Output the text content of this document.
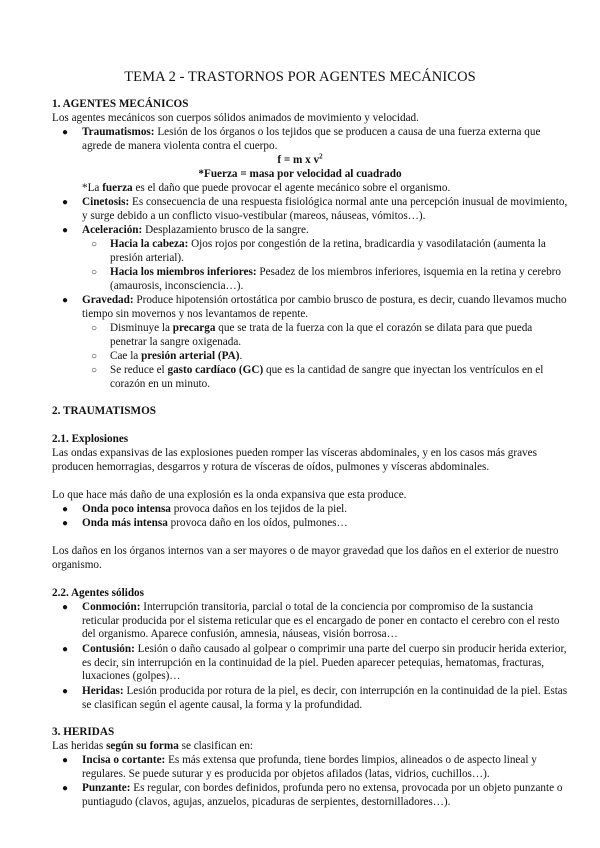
TEMA 2 - TRASTORNOS POR AGENTES MECÁNICOS
1. AGENTES MECÁNICOS
Los agentes mecánicos son cuerpos sólidos animados de movimiento y velocidad.
● Traumatismos: Lesión de los órganos o los tejidos que se producen a causa de una fuerza externa que agrede de manera violenta contra el cuerpo.
f = m x $v^2$
*Fuerza = masa por velocidad al cuadrado
*La fuerza es el daño que puede provocar el agente mecánico sobre el organismo.
● Cinetosis: Es consecuencia de una respuesta fisiológica normal ante una percepción inusual de movimiento, y surge debido a un conflicto visuo-vestibular (mareos, náuseas, vómitos…).
● Aceleración: Desplazamiento brusco de la sangre.
○ Hacia la cabeza: Ojos rojos por congestión de la retina, bradicardia y vasodilatación (aumenta la presión arterial).
○ Hacia los miembros inferiores: Pesadez de los miembros inferiores, isquemia en la retina y cerebro (amaurosis, inconsciencia…).
● Gravedad: Produce hipotensión ortostática por cambio brusco de postura, es decir, cuando llevamos mucho tiempo sin movernos y nos levantamos de repente.
○ Disminuye la precarga que se trata de la fuerza con la que el corazón se dilata para que pueda penetrar la sangre oxigenada.
○ Cae la presión arterial (PA).
○ Se reduce el gasto cardíaco (GC) que es la cantidad de sangre que inyectan los ventrículos en el corazón en un minuto.
2. TRAUMATISMOS
2.1. Explosiones
Las ondas expansivas de las explosiones pueden romper las vísceras abdominales, y en los casos más graves producen hemorragias, desgarros y rotura de vísceras de oídos, pulmones y vísceras abdominales.
Lo que hace más daño de una explosión es la onda expansiva que esta produce.
● Onda poco intensa provoca daños en los tejidos de la piel.
● Onda más intensa provoca daño en los oídos, pulmones…
Los daños en los órganos internos van a ser mayores o de mayor gravedad que los daños en el exterior de nuestro organismo.
2.2. Agentes sólidos
● Conmoción: Interrupción transitoria, parcial o total de la conciencia por compromiso de la sustancia reticular producida por el sistema reticular que es el encargado de poner en contacto el cerebro con el resto del organismo. Aparece confusión, amnesia, náuseas, visión borrosa…
● Contusión: Lesión o daño causado al golpear o comprimir una parte del cuerpo sin producir herida exterior, es decir, sin interrupción en la continuidad de la piel. Pueden aparecer petequias, hematomas, fracturas, luxaciones (golpes)…
● Heridas: Lesión producida por rotura de la piel, es decir, con interrupción en la continuidad de la piel. Estas se clasifican según el agente causal, la forma y la profundidad.
3. HERIDAS
Las heridas según su forma se clasifican en:
● Incisa o cortante: Es más extensa que profunda, tiene bordes limpios, alineados o de aspecto lineal y regulares. Se puede suturar y es producida por objetos afilados (latas, vidrios, cuchillos…).
● Punzante: Es regular, con bordes definidos, profunda pero no extensa, provocada por un objeto punzante o puntiagudo (clavos, agujas, anzuelos, picaduras de serpientes, destornilladores…).
